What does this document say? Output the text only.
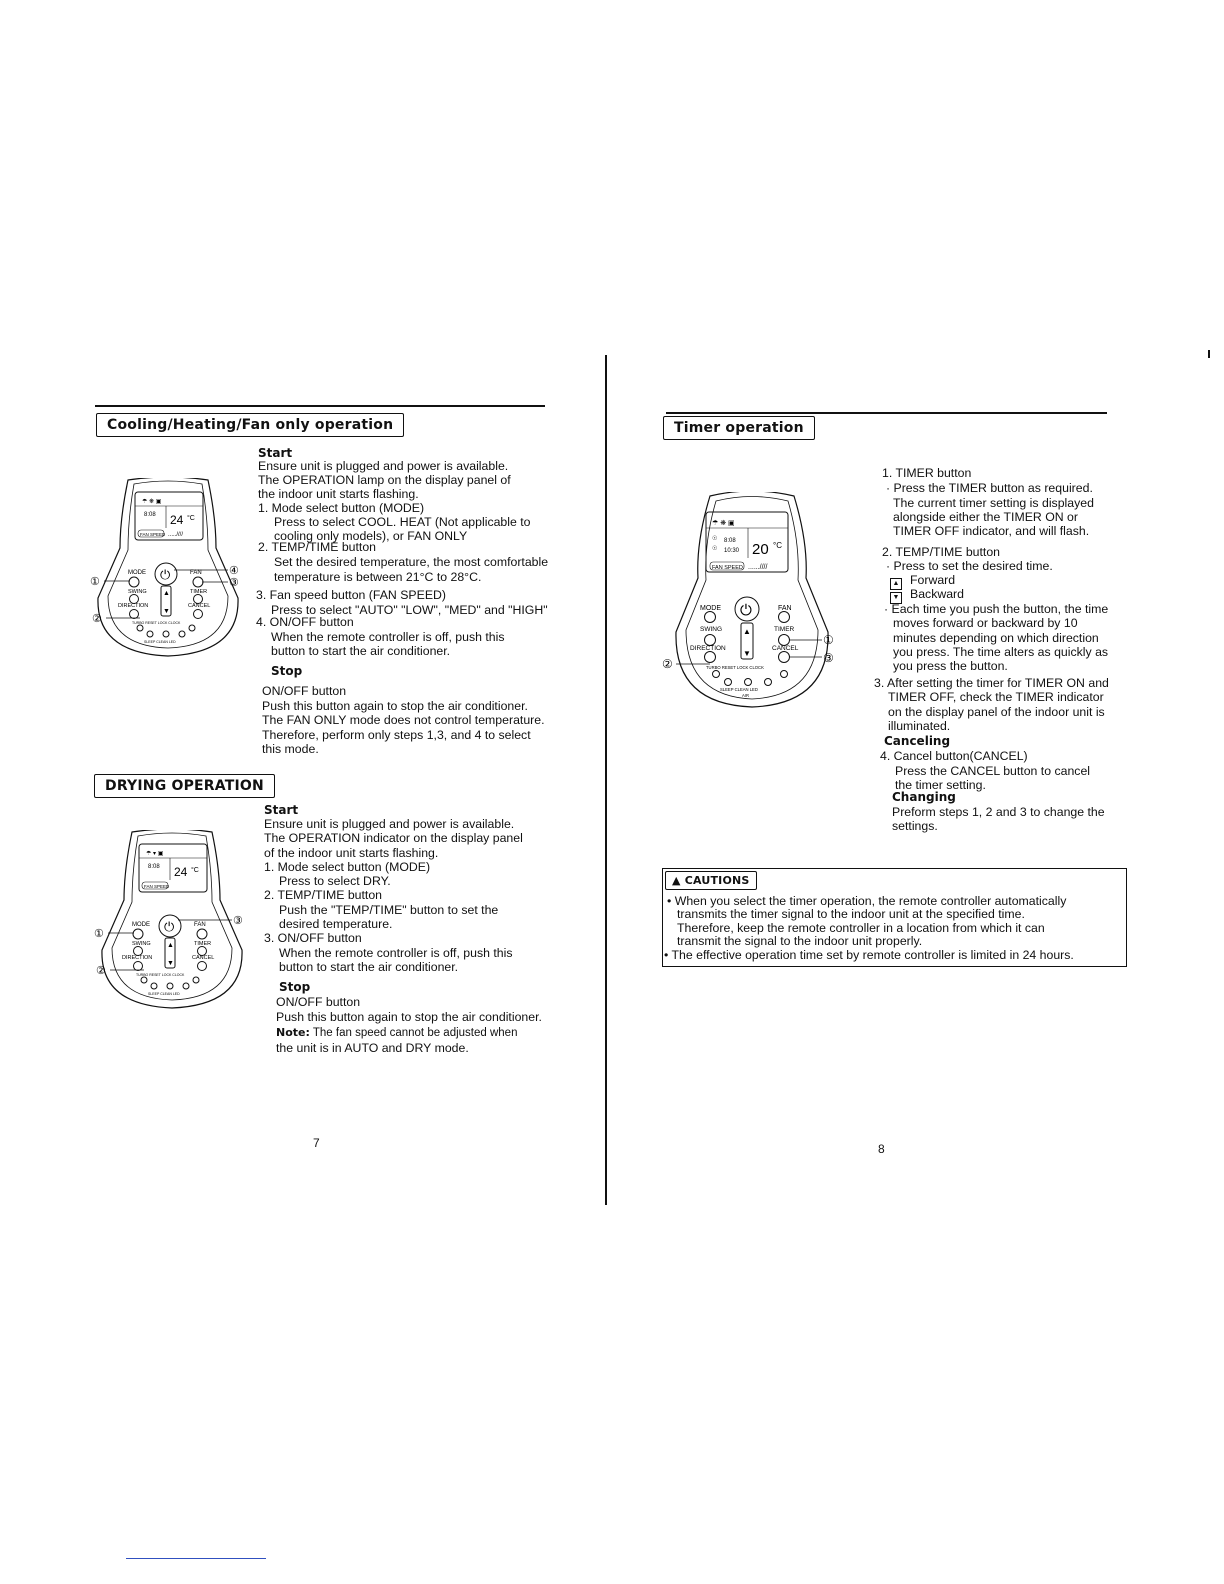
Cooling/Heating/Fan only operation
☂ ❋ ▣
8:08 24 °C
FAN SPEED .....////
MODE	FAN
⏻
SWING	TIMER
▲
▼
DIRECTION	CANCEL
TURBO RESET LOCK CLOCK
SLEEP CLEAN LED
①
②
③
④
Start
Ensure unit is plugged and power is available.
The OPERATION lamp on the display panel of
the indoor unit starts flashing.
1. Mode select button (MODE)
Press to select COOL. HEAT (Not applicable to
cooling only models), or FAN ONLY
2. TEMP/TIME button
Set the desired temperature, the most comfortable
temperature is between 21°C to 28°C.
3. Fan speed button (FAN SPEED)
Press to select "AUTO" "LOW", "MED" and "HIGH"
4. ON/OFF button
When the remote controller is off, push this
button to start the air conditioner.
Stop
ON/OFF button
Push this button again to stop the air conditioner.
The FAN ONLY mode does not control temperature.
Therefore, perform only steps 1,3, and 4 to select
this mode.
DRYING OPERATION
☂ ▾ ▣
8:08 24 °C
FAN SPEED
MODE	FAN
⏻
SWING	TIMER
▲
▼
DIRECTION	CANCEL
TURBO RESET LOCK CLOCK
SLEEP CLEAN LED
①
②
③
Start
Ensure unit is plugged and power is available.
The OPERATION indicator on the display panel
of the indoor unit starts flashing.
1. Mode select button (MODE)
Press to select DRY.
2. TEMP/TIME button
Push the "TEMP/TIME" button to set the
desired temperature.
3. ON/OFF button
When the remote controller is off, push this
button to start the air conditioner.
Stop
ON/OFF button
Push this button again to stop the air conditioner.
Note: The fan speed cannot be adjusted when
the unit is in AUTO and DRY mode.
7
Timer operation
☂ ❋ ▣
☉
☉
8:08
10:30 20 °C
FAN SPEED ......////
MODE	FAN
⏻
SWING	TIMER
▲
▼
DIRECTION	CANCEL
TURBO RESET LOCK CLOCK
SLEEP CLEAN LED
AIR
②
①
③
1. TIMER button
· Press the TIMER button as required.
The current timer setting is displayed
alongside either the TIMER ON or
TIMER OFF indicator, and will flash.
2. TEMP/TIME button
· Press to set the desired time.
▲ Forward
▼ Backward
· Each time you push the button, the time
moves forward or backward by 10
minutes depending on which direction
you press. The time alters as quickly as
you press the button.
3. After setting the timer for TIMER ON and
TIMER OFF, check the TIMER indicator
on the display panel of the indoor unit is
illuminated.
Canceling
4. Cancel button(CANCEL)
Press the CANCEL button to cancel
the timer setting.
Changing
Preform steps 1, 2 and 3 to change the
settings.
▲ CAUTIONS
• When you select the timer operation, the remote controller automatically
transmits the timer signal to the indoor unit at the specified time.
Therefore, keep the remote controller in a location from which it can
transmit the signal to the indoor unit properly.
• The effective operation time set by remote controller is limited in 24 hours.
8
